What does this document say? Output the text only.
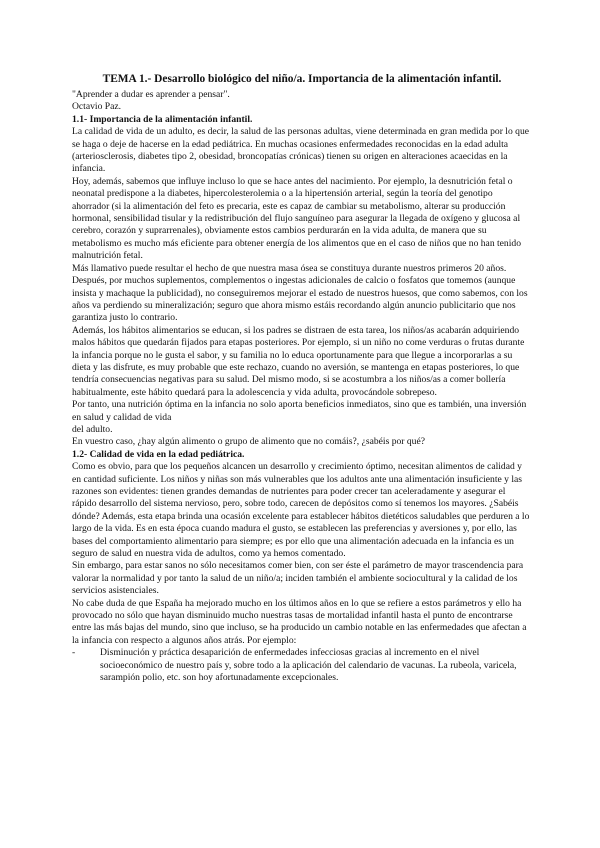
TEMA 1.- Desarrollo biológico del niño/a. Importancia de la alimentación infantil.

"Aprender a dudar es aprender a pensar".

Octavio Paz.

1.1- Importancia de la alimentación infantil.

La calidad de vida de un adulto, es decir, la salud de las personas adultas, viene determinada en gran medida por lo que se haga o deje de hacerse en la edad pediátrica. En muchas ocasiones enfermedades reconocidas en la edad adulta (arteriosclerosis, diabetes tipo 2, obesidad, broncopatías crónicas) tienen su origen en alteraciones acaecidas en la infancia.

Hoy, además, sabemos que influye incluso lo que se hace antes del nacimiento. Por ejemplo, la desnutrición fetal o neonatal predispone a la diabetes, hipercolesterolemia o a la hipertensión arterial, según la teoría del genotipo ahorrador (si la alimentación del feto es precaria, este es capaz de cambiar su metabolismo, alterar su producción hormonal, sensibilidad tisular y la redistribución del flujo sanguíneo para asegurar la llegada de oxígeno y glucosa al cerebro, corazón y suprarrenales), obviamente estos cambios perdurarán en la vida adulta, de manera que su metabolismo es mucho más eficiente para obtener energía de los alimentos que en el caso de niños que no han tenido malnutrición fetal.

Más llamativo puede resultar el hecho de que nuestra masa ósea se constituya durante nuestros primeros 20 años. Después, por muchos suplementos, complementos o ingestas adicionales de calcio o fosfatos que tomemos (aunque insista y machaque la publicidad), no conseguiremos mejorar el estado de nuestros huesos, que como sabemos, con los años va perdiendo su mineralización; seguro que ahora mismo estáis recordando algún anuncio publicitario que nos garantiza justo lo contrario.

Además, los hábitos alimentarios se educan, si los padres se distraen de esta tarea, los niños/as acabarán adquiriendo malos hábitos que quedarán fijados para etapas posteriores. Por ejemplo, si un niño no come verduras o frutas durante la infancia porque no le gusta el sabor, y su familia no lo educa oportunamente para que llegue a incorporarlas a su dieta y las disfrute, es muy probable que este rechazo, cuando no aversión, se mantenga en etapas posteriores, lo que tendría consecuencias negativas para su salud. Del mismo modo, si se acostumbra a los niños/as a comer bollería habitualmente, este hábito quedará para la adolescencia y vida adulta, provocándole sobrepeso.

Por tanto, una nutrición óptima en la infancia no solo aporta beneficios inmediatos, sino que es también, una inversión en salud y calidad de vida

del adulto.

En vuestro caso, ¿hay algún alimento o grupo de alimento que no comáis?, ¿sabéis por qué?

1.2- Calidad de vida en la edad pediátrica.

Como es obvio, para que los pequeños alcancen un desarrollo y crecimiento óptimo, necesitan alimentos de calidad y en cantidad suficiente. Los niños y niñas son más vulnerables que los adultos ante una alimentación insuficiente y las razones son evidentes: tienen grandes demandas de nutrientes para poder crecer tan aceleradamente y asegurar el rápido desarrollo del sistema nervioso, pero, sobre todo, carecen de depósitos como sí tenemos los mayores. ¿Sabéis dónde? Además, esta etapa brinda una ocasión excelente para establecer hábitos dietéticos saludables que perduren a lo largo de la vida. Es en esta época cuando madura el gusto, se establecen las preferencias y aversiones y, por ello, las bases del comportamiento alimentario para siempre; es por ello que una alimentación adecuada en la infancia es un seguro de salud en nuestra vida de adultos, como ya hemos comentado.

Sin embargo, para estar sanos no sólo necesitamos comer bien, con ser éste el parámetro de mayor trascendencia para valorar la normalidad y por tanto la salud de un niño/a; inciden también el ambiente sociocultural y la calidad de los servicios asistenciales.

No cabe duda de que España ha mejorado mucho en los últimos años en lo que se refiere a estos parámetros y ello ha provocado no sólo que hayan disminuido mucho nuestras tasas de mortalidad infantil hasta el punto de encontrarse entre las más bajas del mundo, sino que incluso, se ha producido un cambio notable en las enfermedades que afectan a la infancia con respecto a algunos años atrás. Por ejemplo:

-	Disminución y práctica desaparición de enfermedades infecciosas gracias al incremento en el nivel socioeconómico de nuestro país y, sobre todo a la aplicación del calendario de vacunas. La rubeola, varicela, sarampión polio, etc. son hoy afortunadamente excepcionales.
